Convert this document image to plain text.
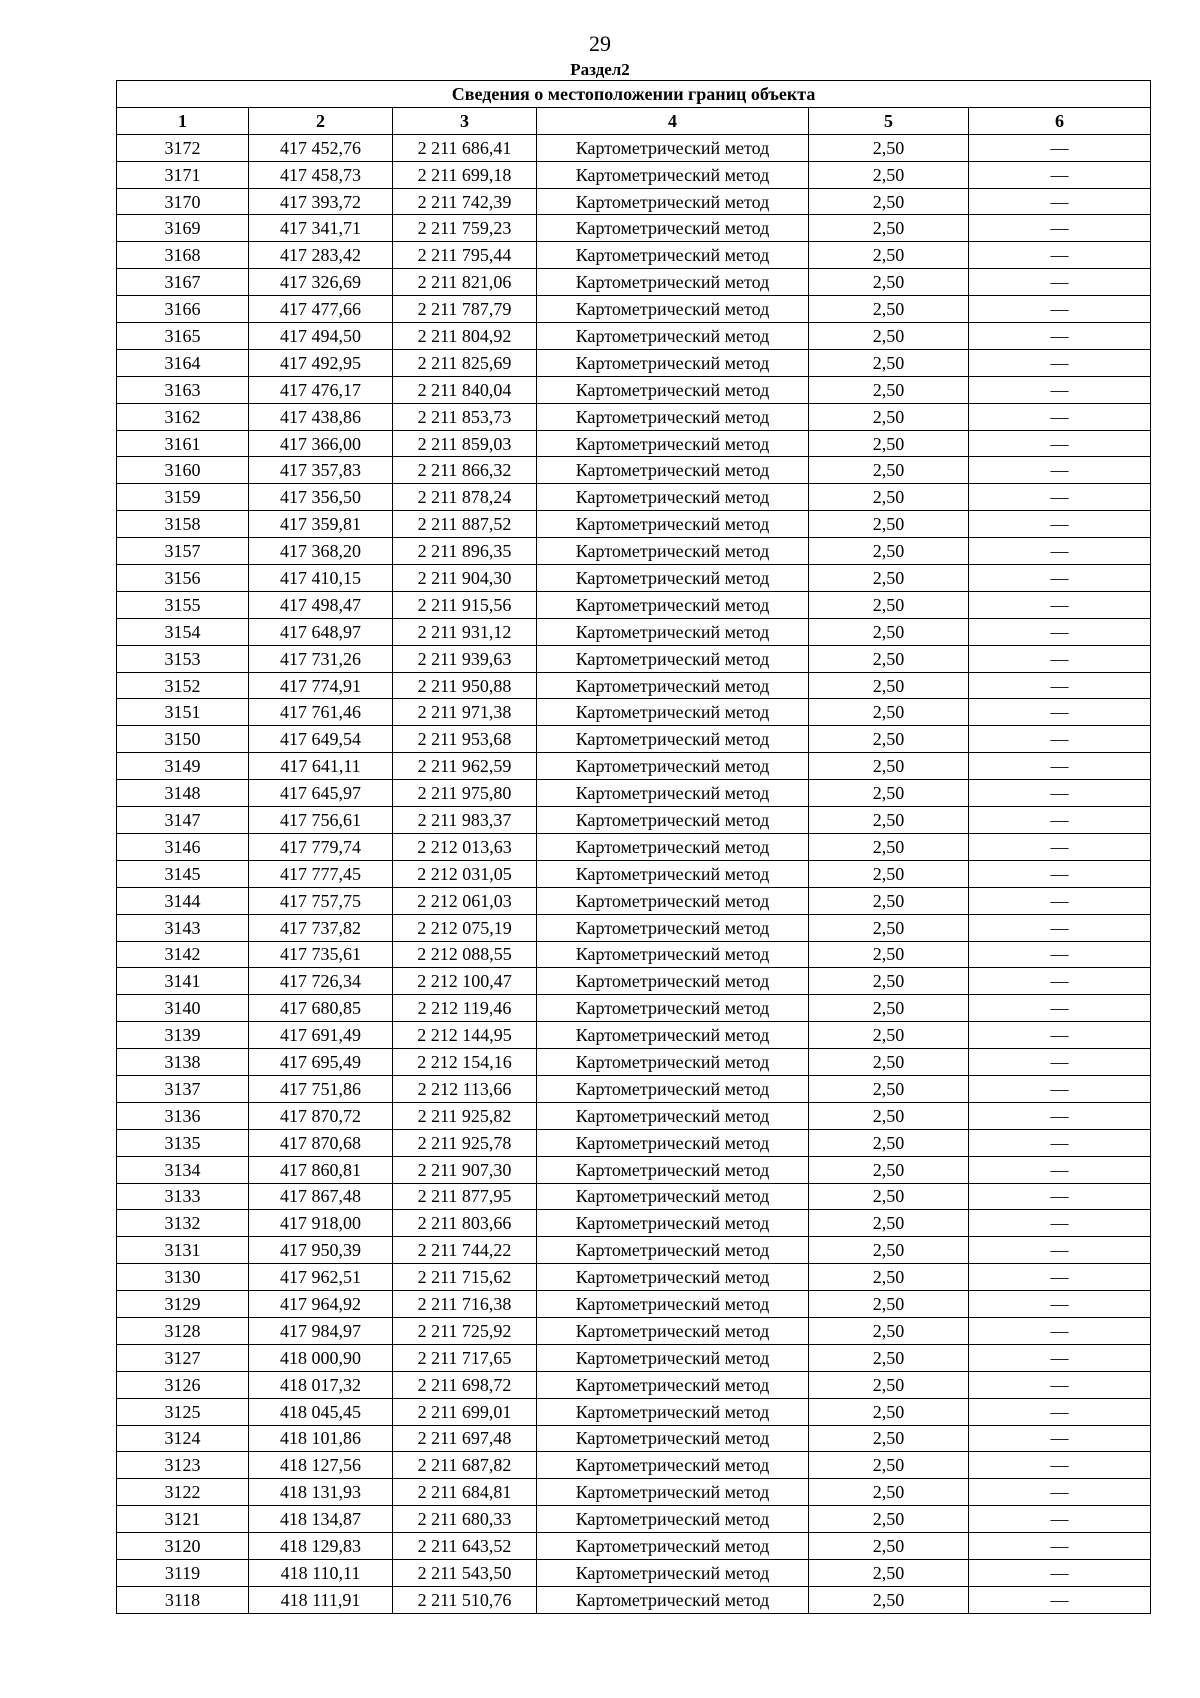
29
Раздел2
Сведения о местоположении границ объекта					
1	2	3	4	5	6
3172	417 452,76	2 211 686,41	Картометрический метод	2,50	—
3171	417 458,73	2 211 699,18	Картометрический метод	2,50	—
3170	417 393,72	2 211 742,39	Картометрический метод	2,50	—
3169	417 341,71	2 211 759,23	Картометрический метод	2,50	—
3168	417 283,42	2 211 795,44	Картометрический метод	2,50	—
3167	417 326,69	2 211 821,06	Картометрический метод	2,50	—
3166	417 477,66	2 211 787,79	Картометрический метод	2,50	—
3165	417 494,50	2 211 804,92	Картометрический метод	2,50	—
3164	417 492,95	2 211 825,69	Картометрический метод	2,50	—
3163	417 476,17	2 211 840,04	Картометрический метод	2,50	—
3162	417 438,86	2 211 853,73	Картометрический метод	2,50	—
3161	417 366,00	2 211 859,03	Картометрический метод	2,50	—
3160	417 357,83	2 211 866,32	Картометрический метод	2,50	—
3159	417 356,50	2 211 878,24	Картометрический метод	2,50	—
3158	417 359,81	2 211 887,52	Картометрический метод	2,50	—
3157	417 368,20	2 211 896,35	Картометрический метод	2,50	—
3156	417 410,15	2 211 904,30	Картометрический метод	2,50	—
3155	417 498,47	2 211 915,56	Картометрический метод	2,50	—
3154	417 648,97	2 211 931,12	Картометрический метод	2,50	—
3153	417 731,26	2 211 939,63	Картометрический метод	2,50	—
3152	417 774,91	2 211 950,88	Картометрический метод	2,50	—
3151	417 761,46	2 211 971,38	Картометрический метод	2,50	—
3150	417 649,54	2 211 953,68	Картометрический метод	2,50	—
3149	417 641,11	2 211 962,59	Картометрический метод	2,50	—
3148	417 645,97	2 211 975,80	Картометрический метод	2,50	—
3147	417 756,61	2 211 983,37	Картометрический метод	2,50	—
3146	417 779,74	2 212 013,63	Картометрический метод	2,50	—
3145	417 777,45	2 212 031,05	Картометрический метод	2,50	—
3144	417 757,75	2 212 061,03	Картометрический метод	2,50	—
3143	417 737,82	2 212 075,19	Картометрический метод	2,50	—
3142	417 735,61	2 212 088,55	Картометрический метод	2,50	—
3141	417 726,34	2 212 100,47	Картометрический метод	2,50	—
3140	417 680,85	2 212 119,46	Картометрический метод	2,50	—
3139	417 691,49	2 212 144,95	Картометрический метод	2,50	—
3138	417 695,49	2 212 154,16	Картометрический метод	2,50	—
3137	417 751,86	2 212 113,66	Картометрический метод	2,50	—
3136	417 870,72	2 211 925,82	Картометрический метод	2,50	—
3135	417 870,68	2 211 925,78	Картометрический метод	2,50	—
3134	417 860,81	2 211 907,30	Картометрический метод	2,50	—
3133	417 867,48	2 211 877,95	Картометрический метод	2,50	—
3132	417 918,00	2 211 803,66	Картометрический метод	2,50	—
3131	417 950,39	2 211 744,22	Картометрический метод	2,50	—
3130	417 962,51	2 211 715,62	Картометрический метод	2,50	—
3129	417 964,92	2 211 716,38	Картометрический метод	2,50	—
3128	417 984,97	2 211 725,92	Картометрический метод	2,50	—
3127	418 000,90	2 211 717,65	Картометрический метод	2,50	—
3126	418 017,32	2 211 698,72	Картометрический метод	2,50	—
3125	418 045,45	2 211 699,01	Картометрический метод	2,50	—
3124	418 101,86	2 211 697,48	Картометрический метод	2,50	—
3123	418 127,56	2 211 687,82	Картометрический метод	2,50	—
3122	418 131,93	2 211 684,81	Картометрический метод	2,50	—
3121	418 134,87	2 211 680,33	Картометрический метод	2,50	—
3120	418 129,83	2 211 643,52	Картометрический метод	2,50	—
3119	418 110,11	2 211 543,50	Картометрический метод	2,50	—
3118	418 111,91	2 211 510,76	Картометрический метод	2,50	—
